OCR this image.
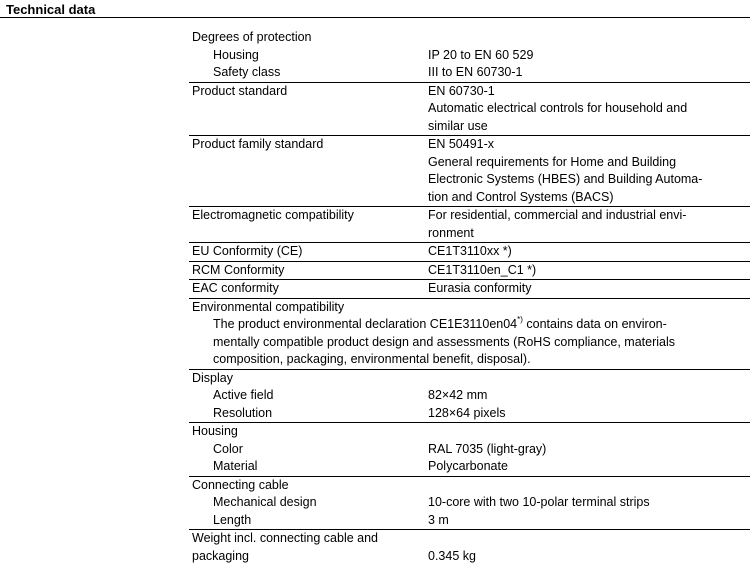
Technical data
Degrees of protection
Housing	IP 20 to EN 60 529
Safety class	III to EN 60730-1
Product standard	EN 60730-1
Automatic electrical controls for household and
similar use
Product family standard	EN 50491-x
General requirements for Home and Building
Electronic Systems (HBES) and Building Automa-
tion and Control Systems (BACS)
Electromagnetic compatibility	For residential, commercial and industrial envi-
ronment
EU Conformity (CE)	CE1T3110xx *)
RCM Conformity	CE1T3110en_C1 *)
EAC conformity	Eurasia conformity
Environmental compatibility
The product environmental declaration CE1E3110en04*) contains data on environ-
mentally compatible product design and assessments (RoHS compliance, materials
composition, packaging, environmental benefit, disposal).
Display
Active field	82×42 mm
Resolution	128×64 pixels
Housing
Color	RAL 7035 (light-gray)
Material	Polycarbonate
Connecting cable
Mechanical design	10-core with two 10-polar terminal strips
Length	3 m
Weight incl. connecting cable and
packaging	0.345 kg
